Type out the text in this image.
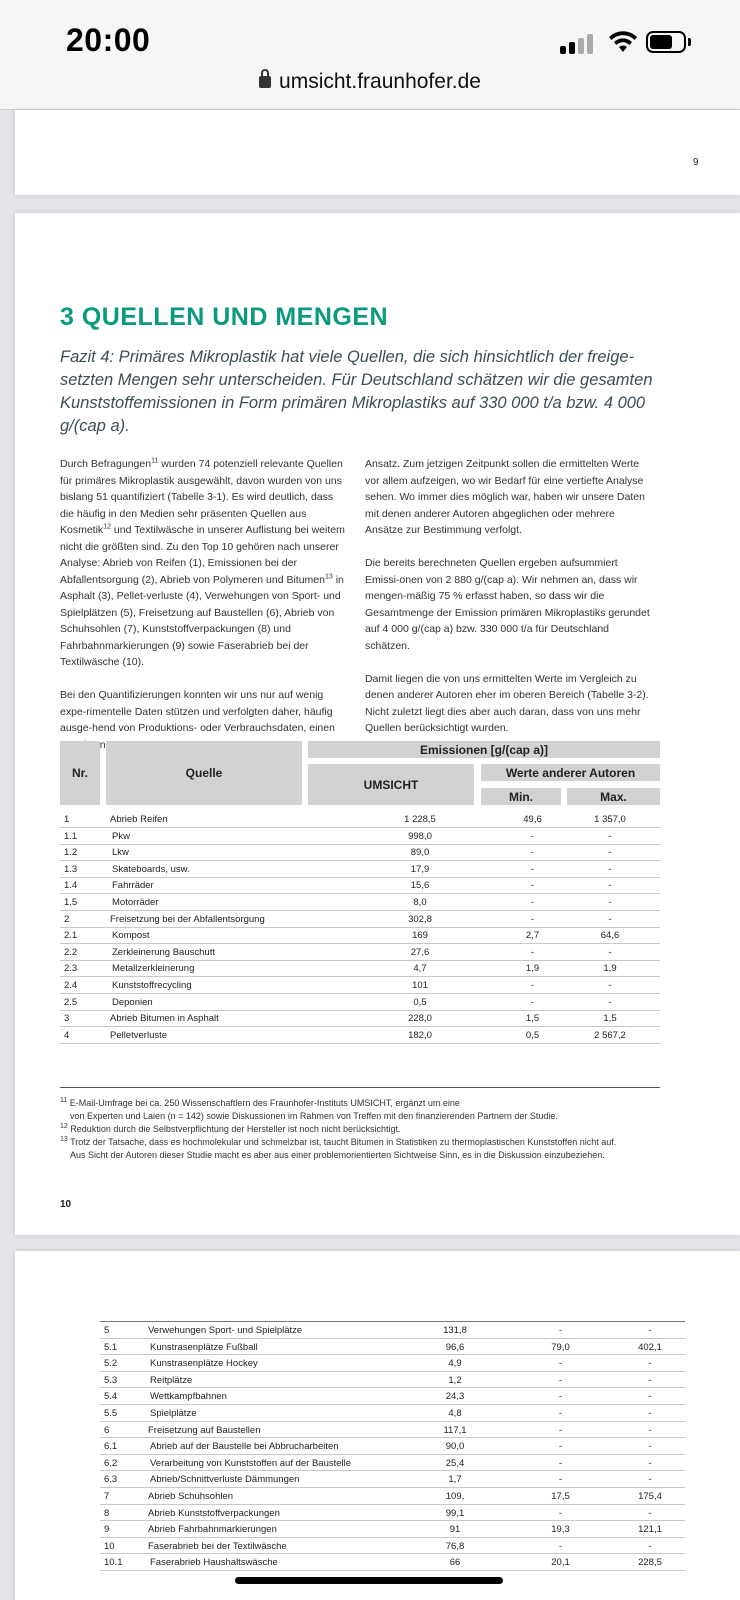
20:00
umsicht.fraunhofer.de
9
3 QUELLEN UND MENGEN
Fazit 4: Primäres Mikroplastik hat viele Quellen, die sich hinsichtlich der freige-setzten Mengen sehr unterscheiden. Für Deutschland schätzen wir die gesamten Kunststoffemissionen in Form primären Mikroplastiks auf 330 000 t/a bzw. 4 000 g/(cap a).

Durch Befragungen$^{11}$ wurden 74 potenziell relevante Quellen für primäres Mikroplastik ausgewählt, davon wurden von uns bislang 51 quantifiziert (Tabelle 3-1). Es wird deutlich, dass die häufig in den Medien sehr präsenten Quellen aus Kosmetik$^{12}$ und Textilwäsche in unserer Auflistung bei weitem nicht die größten sind. Zu den Top 10 gehören nach unserer Analyse: Abrieb von Reifen (1), Emissionen bei der Abfallentsorgung (2), Abrieb von Polymeren und Bitumen$^{13}$ in Asphalt (3), Pellet-verluste (4), Verwehungen von Sport- und Spielplätzen (5), Freisetzung auf Baustellen (6), Abrieb von Schuhsohlen (7), Kunststoffverpackungen (8) und Fahrbahnmarkierungen (9) sowie Faserabrieb bei der Textilwäsche (10).

Bei den Quantifizierungen konnten wir uns nur auf wenig expe-rimentelle Daten stützen und verfolgten daher, häufig ausge-hend von Produktions- oder Verbrauchsdaten, einen

Ansatz. Zum jetzigen Zeitpunkt sollen die ermittelten Werte vor allem aufzeigen, wo wir Bedarf für eine vertiefte Analyse sehen. Wo immer dies möglich war, haben wir unsere Daten mit denen anderer Autoren abgeglichen oder mehrere Ansätze zur Bestimmung verfolgt.

Die bereits berechneten Quellen ergeben aufsummiert Emissi-onen von 2 880 g/(cap a). Wir nehmen an, dass wir mengen-mäßig 75 % erfasst haben, so dass wir die Gesamtmenge der Emission primären Mikroplastiks gerundet auf 4 000 g/(cap a) bzw. 330 000 t/a für Deutschland schätzen.

Damit liegen die von uns ermittelten Werte im Vergleich zu denen anderer Autoren eher im oberen Bereich (Tabelle 3-2). Nicht zuletzt liegt dies aber auch daran, dass von uns mehr Quellen berücksichtigt wurden.

Nr.	Quelle
Emissionen [g/(cap a)]
UMSICHT
Werte anderer Autoren
Min.	Max.
1	Abrieb Reifen	1 228,5	49,6	1 357,0
1.1	Pkw	998,0	-	-
1.2	Lkw	89,0	-	-
1.3	Skateboards, usw.	17,9	-	-
1.4	Fahrräder	15,6	-	-
1.5	Motorräder	8,0	-	-
2	Freisetzung bei der Abfallentsorgung	302,8	-	-
2.1	Kompost	169	2,7	64,6
2.2	Zerkleinerung Bauschutt	27,6	-	-
2.3	Metallzerkleinerung	4,7	1,9	1,9
2.4	Kunststoffrecycling	101	-	-
2.5	Deponien	0,5	-	-
3	Abrieb Bitumen in Asphalt	228,0	1,5	1,5
4	Pelletverluste	182,0	0,5	2 567,2
$^{11}$ E-Mail-Umfrage bei ca. 250 Wissenschaftlern des Fraunhofer-Instituts UMSICHT, ergänzt um eine
von Experten und Laien (n = 142) sowie Diskussionen im Rahmen von Treffen mit den finanzierenden Partnern der Studie.
$^{12}$ Reduktion durch die Selbstverpflichtung der Hersteller ist noch nicht berücksichtigt.
$^{13}$ Trotz der Tatsache, dass es hochmolekular und schmelzbar ist, taucht Bitumen in Statistiken zu thermoplastischen Kunststoffen nicht auf.
Aus Sicht der Autoren dieser Studie macht es aber aus einer problemorientierten Sichtweise Sinn, es in die Diskussion einzubeziehen.
10
5	Verwehungen Sport- und Spielplätze	131,8	-	-
5.1	Kunstrasenplätze Fußball	96,6	79,0	402,1
5.2	Kunstrasenplätze Hockey	4,9	-	-
5.3	Reitplätze	1,2	-	-
5.4	Wettkampfbahnen	24,3	-	-
5.5	Spielplätze	4,8	-	-
6	Freisetzung auf Baustellen	117,1	-	-
6.1	Abrieb auf der Baustelle bei Abbrucharbeiten	90,0	-	-
6.2	Verarbeitung von Kunststoffen auf der Baustelle	25,4	-	-
6.3	Abrieb/Schnittverluste Dämmungen	1,7	-	-
7	Abrieb Schuhsohlen	109,	17,5	175,4
8	Abrieb Kunststoffverpackungen	99,1	-	-
9	Abrieb Fahrbahnmarkierungen	91	19,3	121,1
10	Faserabrieb bei der Textilwäsche	76,8	-	-
10.1	Faserabrieb Haushaltswäsche	66	20,1	228,5
